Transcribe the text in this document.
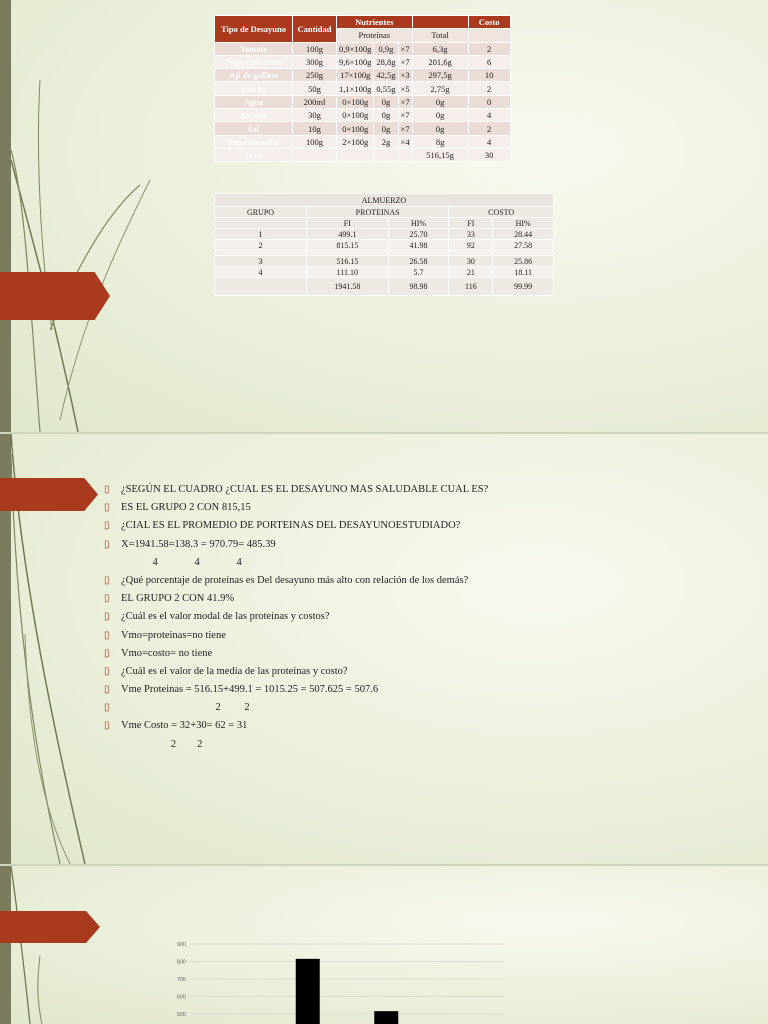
Tipo de Desayuno	Cantidad	Nutrientes				Costo
		Proteínas			Total	
Tomate	100g	0,9×100g	0,9g	×7	6,3g	2
Trigo tipo arroz	300g	9,6×100g	28,8g	×7	201,6g	6
Ají de gallina	250g	17×100g	42,5g	×3	297,5g	10
Limón	50g	1,1×100g	0,55g	×5	2,75g	2
Agua	200ml	0×100g	0g	×7	0g	0
Azúcar	30g	0×100g	0g	×7	0g	4
Sal	10g	0×100g	0g	×7	0g	2
Papa amarilla	100g	2×100g	2g	×4	8g	4
Total					516,15g	30
ALMUERZO				
GRUPO	PROTEINAS		COSTO	
	FI	HI%	FI	HI%
1	499.1	25.70	33	28.44
2	815.15	41.98	92	27.58

3	516.15	26.58	30	25.86
4	111.10	5.7	21	18.11
	1941.58	98.98	116	99.99
▯ ¿SEGÚN EL CUADRO ¿CUAL ES EL DESAYUNO MAS SALUDABLE CUAL ES?
▯ ES EL GRUPO 2 CON 815,15
▯ ¿CIAL ES EL PROMEDIO DE PORTEINAS DEL DESAYUNOESTUDIADO?
▯ X=1941.58=138.3 = 970.79= 485.39
4              4              4
▯ ¿Qué porcentaje de proteínas es Del desayuno más alto con relación de los demás?
▯ EL GRUPO 2 CON 41.9%
▯ ¿Cuál es el valor modal de las proteínas y costos?
▯ Vmo=proteinas=no tiene
▯ Vmo=costo= no tiene
▯ ¿Cuál es el valor de la media de las proteínas y costo?
▯ Vme Proteinas = 516.15+499.1 = 1015.25 = 507.625 = 507.6
▯ 2         2
▯ Vme Costo = 32+30= 62 = 31
2        2
900
800
700
600
500
